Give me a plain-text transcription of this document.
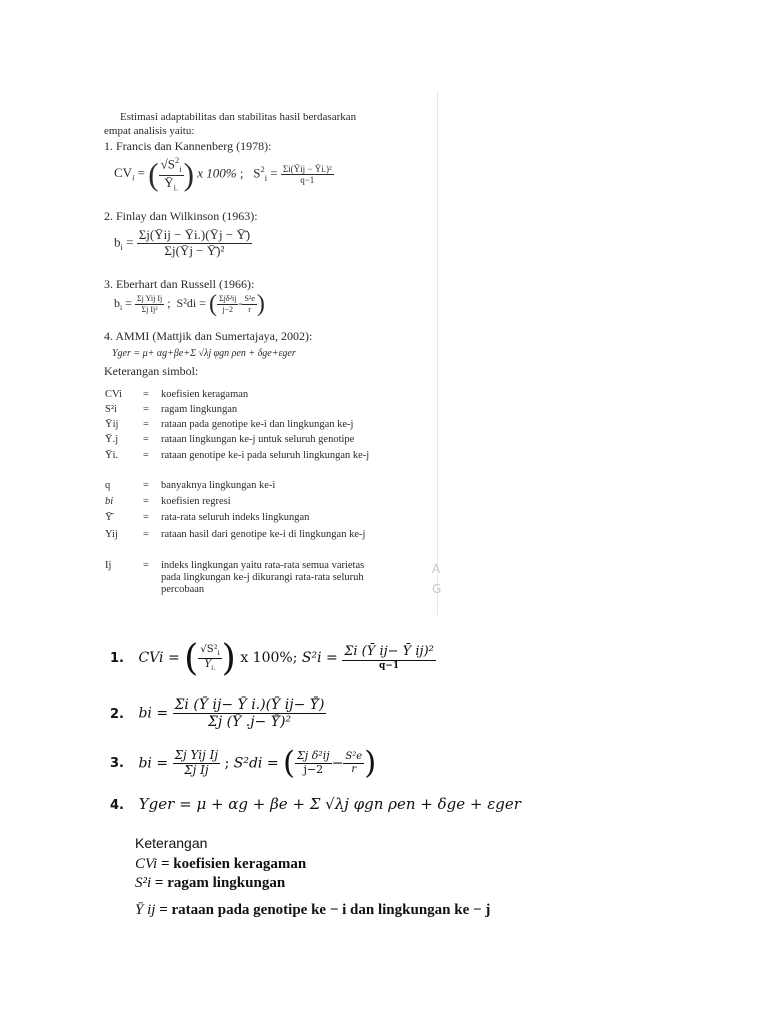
Estimasi adaptabilitas dan stabilitas hasil berdasarkan
empat analisis yaitu:
1. Francis dan Kannenberg (1978):
$CV_i$ = ( $\frac{√S^2_i}{Ȳ_{i.}}$ ) x 100% ;   $S^2_i = \frac{\text{Σi(Ȳij − Ȳi.)²}}{q-1}$
2. Finlay dan Wilkinson (1963):
$b_i = \frac{\text{Σj(Ȳij − Ȳi.)(Ȳj − Ȳ̄)}}{\text{Σj(Ȳj − Ȳ̄)²}}$
3. Eberhart dan Russell (1966):
$b_i = \frac{\text{Σj Yij Ij}}{\text{Σj Ij²}}$ ; S²di = ( $\frac{\text{Σjδ²ij}}{j-2} - \frac{\text{S²e}}{r}$ )
4. AMMI (Mattjik dan Sumertajaya, 2002):
Yger = μ+ αg+βe+Σ √λj φgn ρen + δge+εger
Keterangan simbol:
CVi	=	koefisien keragaman
S²i	=	ragam lingkungan
Ȳij	=	rataan pada genotipe ke-i dan lingkungan ke-j
Ȳ.j	=	rataan lingkungan ke-j untuk seluruh genotipe
Ȳi.	=	rataan genotipe ke-i pada seluruh lingkungan ke-j
q	=	banyaknya lingkungan ke-i
bi	=	koefisien regresi
Ȳ̄	=	rata-rata seluruh indeks lingkungan
Yij	=	rataan hasil dari genotipe ke-i di lingkungan ke-j
Ij	=	indeks lingkungan yaitu rata-rata semua varietas pada lingkungan ke-j dikurangi rata-rata seluruh percobaan
A
G
1. CVi = ( $\frac{√S^2_i}{Y_{i.}}$ ) x 100%; $S^2i = \frac{\text{Σi (Ȳ ij− Ȳ ij)²}}{q-1}$
2. bi = $\frac{\text{Σi (Ȳ ij− Ȳ i.)(Ȳ ij− Ȳ̄)}}{\text{Σj (Ȳ .j− Ȳ̄)²}}$
3. bi = $\frac{\text{Σj Yij Ij}}{\text{Σj Ij}}$ ; S²di = ( $\frac{\text{Σj δ²ij}}{j-2} - \frac{\text{S²e}}{r}$ )
4. Yger = μ + αg + βe + Σ √λj φgn ρen + δge + εger
Keterangan
CVi = koefisien keragaman
S²i = ragam lingkungan
Ȳ ij = rataan pada genotipe ke − i dan lingkungan ke − j
